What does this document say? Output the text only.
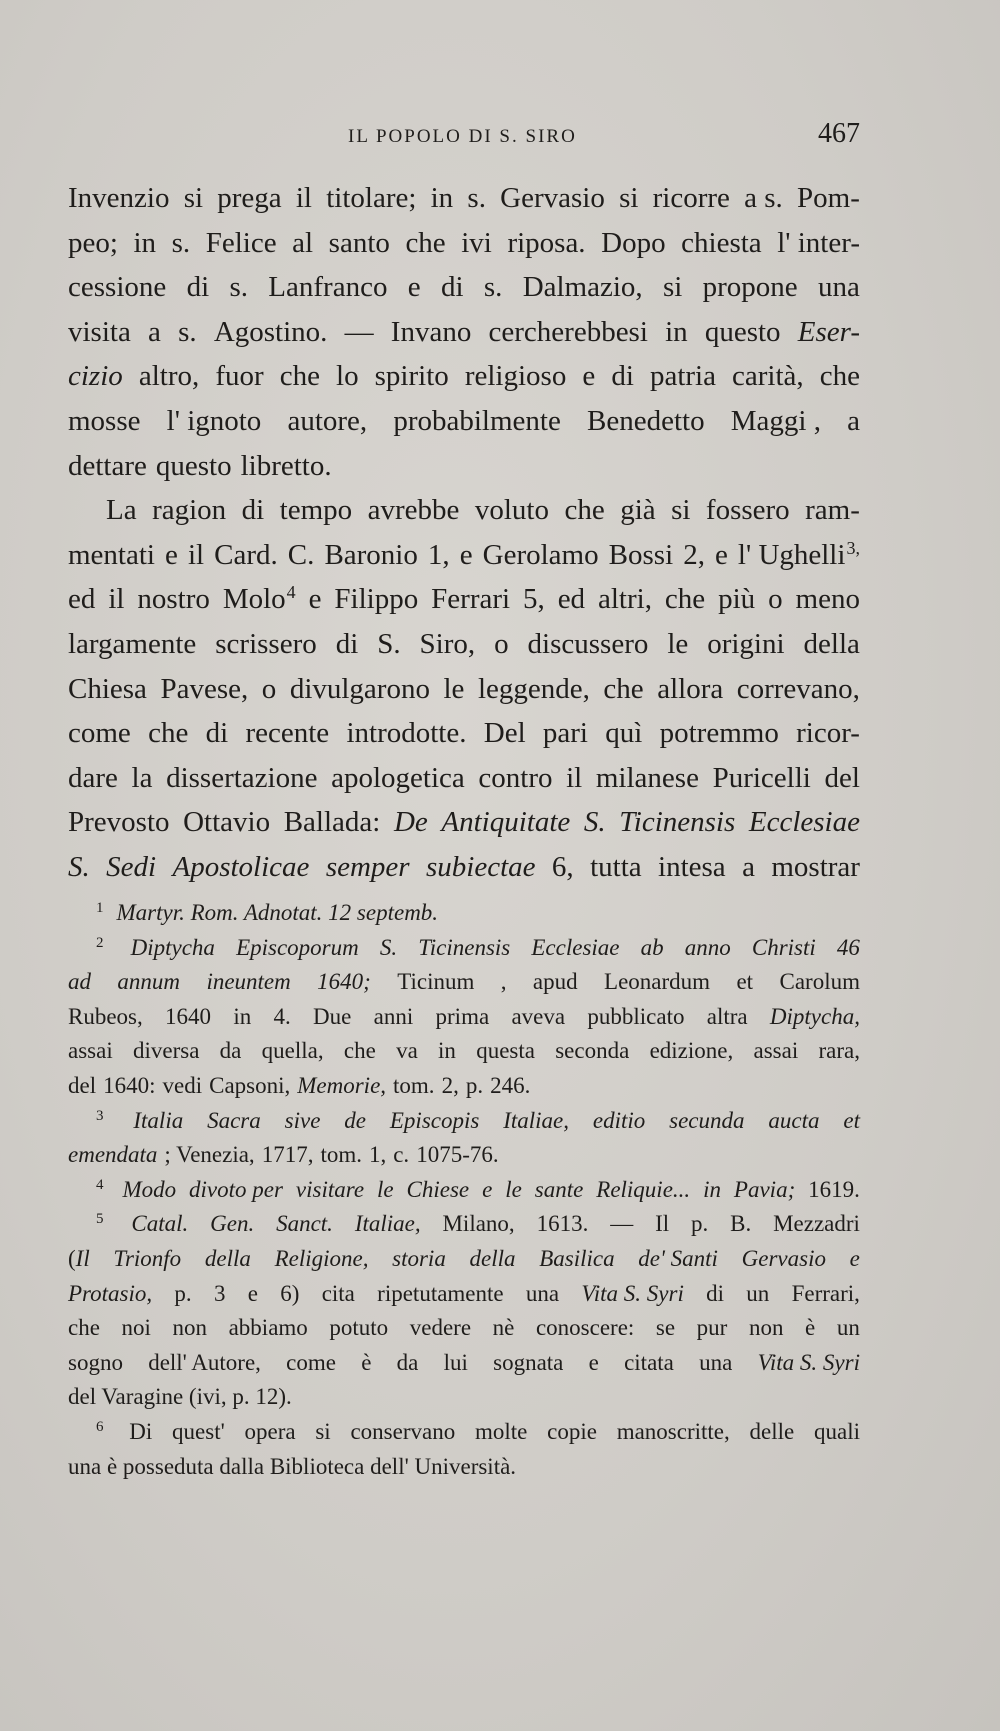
IL POPOLO DI S. SIRO	467
Invenzio si prega il titolare; in s. Gervasio si ricorre a s. Pom-
peo; in s. Felice al santo che ivi riposa. Dopo chiesta l' inter-
cessione di s. Lanfranco e di s. Dalmazio, si propone una
visita a s. Agostino. — Invano cercherebbesi in questo Eser-
cizio altro, fuor che lo spirito religioso e di patria carità, che
mosse l' ignoto autore, probabilmente Benedetto Maggi , a
dettare questo libretto.
La ragion di tempo avrebbe voluto che già si fossero ram-
mentati e il Card. C. Baronio 1, e Gerolamo Bossi 2, e l' Ughelli$^{3,}$
ed il nostro Molo$^4$ e Filippo Ferrari 5, ed altri, che più o meno
largamente scrissero di S. Siro, o discussero le origini della
Chiesa Pavese, o divulgarono le leggende, che allora correvano,
come che di recente introdotte. Del pari quì potremmo ricor-
dare la dissertazione apologetica contro il milanese Puricelli del
Prevosto Ottavio Ballada: De Antiquitate S. Ticinensis Ecclesiae
S. Sedi Apostolicae semper subiectae 6, tutta intesa a mostrar
1 Martyr. Rom. Adnotat. 12 septemb.
2 Diptycha Episcoporum S. Ticinensis Ecclesiae ab anno Christi 46
ad annum ineuntem 1640; Ticinum , apud Leonardum et Carolum
Rubeos, 1640 in 4. Due anni prima aveva pubblicato altra Diptycha,
assai diversa da quella, che va in questa seconda edizione, assai rara,
del 1640: vedi Capsoni, Memorie, tom. 2, p. 246.
3 Italia Sacra sive de Episcopis Italiae, editio secunda aucta et
emendata ; Venezia, 1717, tom. 1, c. 1075-76.
4 Modo divoto per visitare le Chiese e le sante Reliquie... in Pavia; 1619.
5 Catal. Gen. Sanct. Italiae, Milano, 1613. — Il p. B. Mezzadri
(Il Trionfo della Religione, storia della Basilica de' Santi Gervasio e
Protasio, p. 3 e 6) cita ripetutamente una Vita S. Syri di un Ferrari,
che noi non abbiamo potuto vedere nè conoscere: se pur non è un
sogno dell' Autore, come è da lui sognata e citata una Vita S. Syri
del Varagine (ivi, p. 12).
6 Di quest' opera si conservano molte copie manoscritte, delle quali
una è posseduta dalla Biblioteca dell' Università.
